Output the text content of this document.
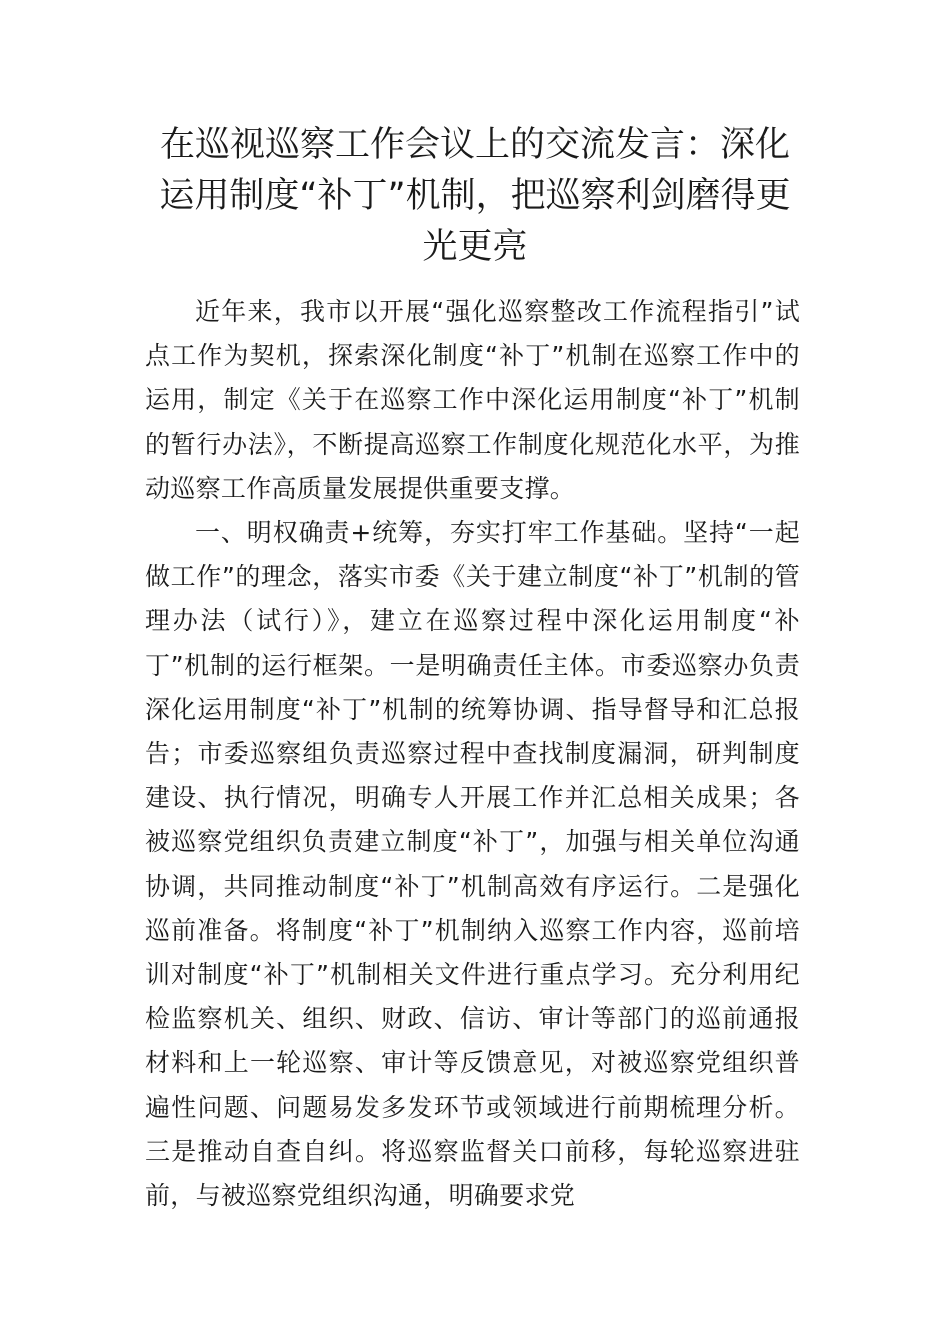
在巡视巡察工作会议上的交流发言：深化运用制度“补丁”机制，把巡察利剑磨得更光更亮

近年来，我市以开展“强化巡察整改工作流程指引”试点工作为契机，探索深化制度“补丁”机制在巡察工作中的运用，制定《关于在巡察工作中深化运用制度“补丁”机制的暂行办法》，不断提高巡察工作制度化规范化水平，为推动巡察工作高质量发展提供重要支撑。

一、明权确责+统筹，夯实打牢工作基础。坚持“一起做工作”的理念，落实市委《关于建立制度“补丁”机制的管理办法（试行）》，建立在巡察过程中深化运用制度“补丁”机制的运行框架。一是明确责任主体。市委巡察办负责深化运用制度“补丁”机制的统筹协调、指导督导和汇总报告；市委巡察组负责巡察过程中查找制度漏洞，研判制度建设、执行情况，明确专人开展工作并汇总相关成果；各被巡察党组织负责建立制度“补丁”，加强与相关单位沟通协调，共同推动制度“补丁”机制高效有序运行。二是强化巡前准备。将制度“补丁”机制纳入巡察工作内容，巡前培训对制度“补丁”机制相关文件进行重点学习。充分利用纪检监察机关、组织、财政、信访、审计等部门的巡前通报材料和上一轮巡察、审计等反馈意见，对被巡察党组织普遍性问题、问题易发多发环节或领域进行前期梳理分析。三是推动自查自纠。将巡察监督关口前移，每轮巡察进驻前，与被巡察党组织沟通，明确要求党
